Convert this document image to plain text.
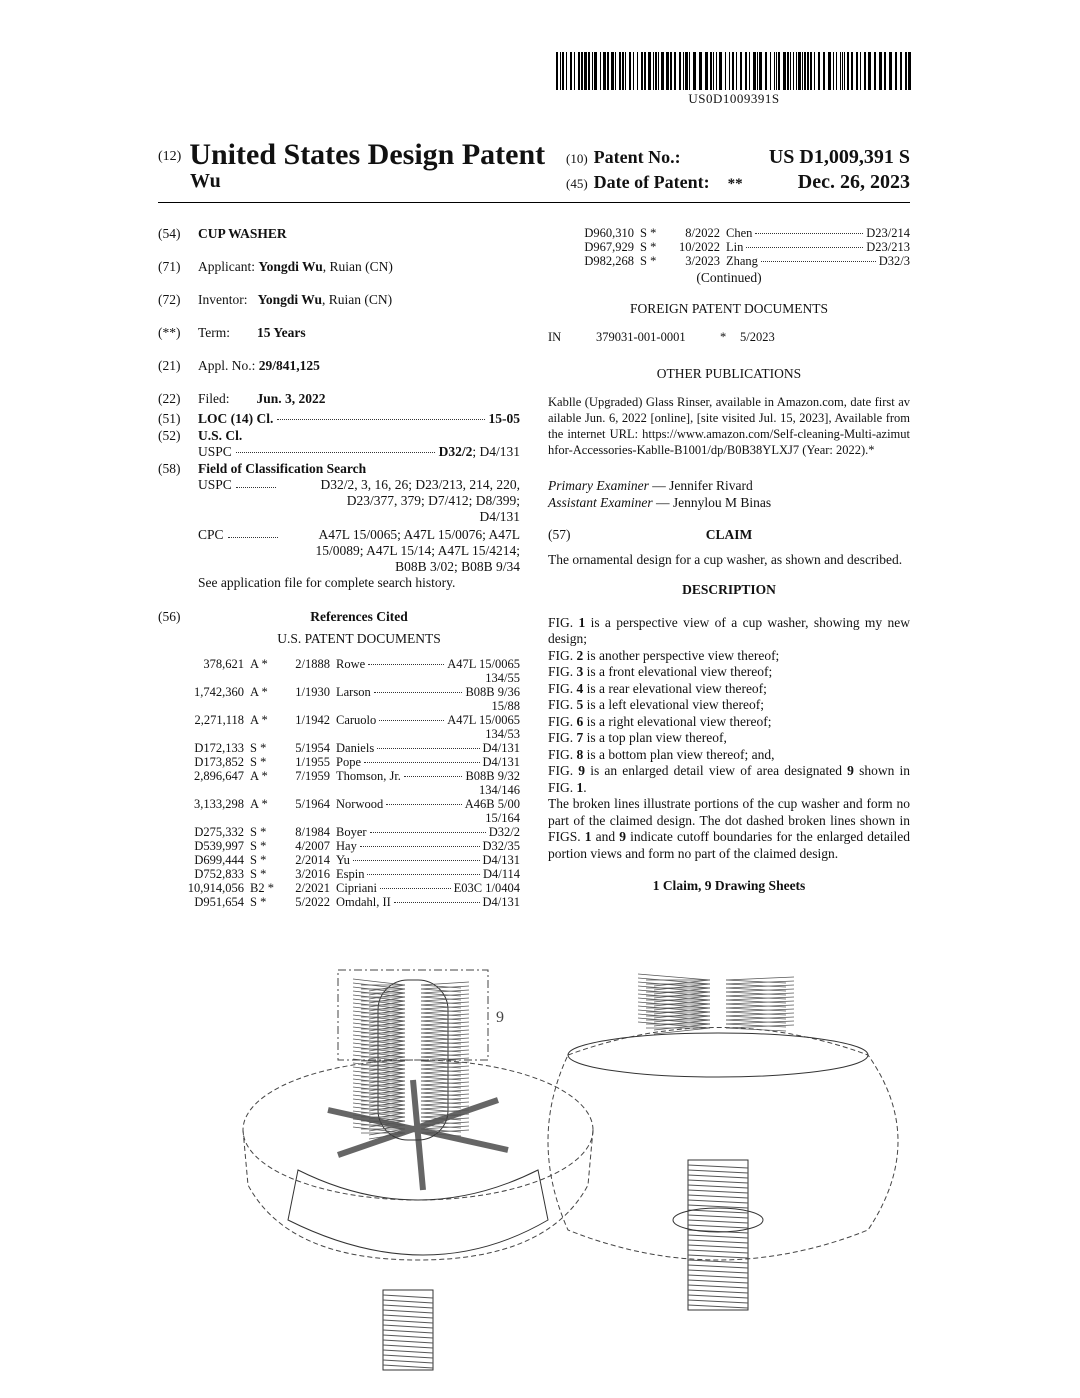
US0D1009391S
(12) United States Design Patent
Wu
(10) Patent No.:	US D1,009,391 S
(45) Date of Patent: **	Dec. 26, 2023
(54)	CUP WASHER
(71)	Applicant: Yongdi Wu, Ruian (CN)
(72)	Inventor: Yongdi Wu, Ruian (CN)
(**)	Term: 15 Years
(21)	Appl. No.: 29/841,125
(22)	Filed: Jun. 3, 2022
(51)	LOC (14) Cl.	15-05
(52)	U.S. Cl.
USPC	D32/2; D4/131
(58)	Field of Classification Search
USPC	D32/2, 3, 16, 26; D23/213, 214, 220,
D23/377, 379; D7/412; D8/399;
D4/131
CPC	A47L 15/0065; A47L 15/0076; A47L
15/0089; A47L 15/14; A47L 15/4214;
B08B 3/02; B08B 9/34
See application file for complete search history.
(56)	References Cited
U.S. PATENT DOCUMENTS
378,621 A *	2/1888 Rowe	A47L 15/0065
134/55
1,742,360 A *	1/1930 Larson	B08B 9/36
15/88
2,271,118 A *	1/1942 Caruolo	A47L 15/0065
134/53
D172,133 S *	5/1954 Daniels	D4/131
D173,852 S *	1/1955 Pope	D4/131
2,896,647 A *	7/1959 Thomson, Jr.	B08B 9/32
134/146
3,133,298 A *	5/1964 Norwood	A46B 5/00
15/164
D275,332 S *	8/1984 Boyer	D32/2
D539,997 S *	4/2007 Hay	D32/35
D699,444 S *	2/2014 Yu	D4/131
D752,833 S *	3/2016 Espin	D4/114
10,914,056 B2 *	2/2021 Cipriani	E03C 1/0404
D951,654 S *	5/2022 Omdahl, II	D4/131
D960,310 S *	8/2022 Chen	D23/214
D967,929 S *	10/2022 Lin	D23/213
D982,268 S *	3/2023 Zhang	D32/3
(Continued)
FOREIGN PATENT DOCUMENTS
IN	379031-001-0001	*	5/2023
OTHER PUBLICATIONS
Kablle (Upgraded) Glass Rinser, available in Amazon.com, date first available Jun. 6, 2022 [online], [site visited Jul. 15, 2023], Available from the internet URL: https://www.amazon.com/Self-cleaning-Multi-azimuthfor-Accessories-Kablle-B1001/dp/B0B38YLXJ7 (Year: 2022).*
Primary Examiner — Jennifer Rivard
Assistant Examiner — Jennylou M Binas
(57)	CLAIM
The ornamental design for a cup washer, as shown and described.
DESCRIPTION
FIG. 1 is a perspective view of a cup washer, showing my new design;
FIG. 2 is another perspective view thereof;
FIG. 3 is a front elevational view thereof;
FIG. 4 is a rear elevational view thereof;
FIG. 5 is a left elevational view thereof;
FIG. 6 is a right elevational view thereof;
FIG. 7 is a top plan view thereof,
FIG. 8 is a bottom plan view thereof; and,
FIG. 9 is an enlarged detail view of area designated 9 shown in FIG. 1.
The broken lines illustrate portions of the cup washer and form no part of the claimed design. The dot dashed broken lines shown in FIGS. 1 and 9 indicate cutoff boundaries for the enlarged detailed portion views and form no part of the claimed design.
1 Claim, 9 Drawing Sheets
9
